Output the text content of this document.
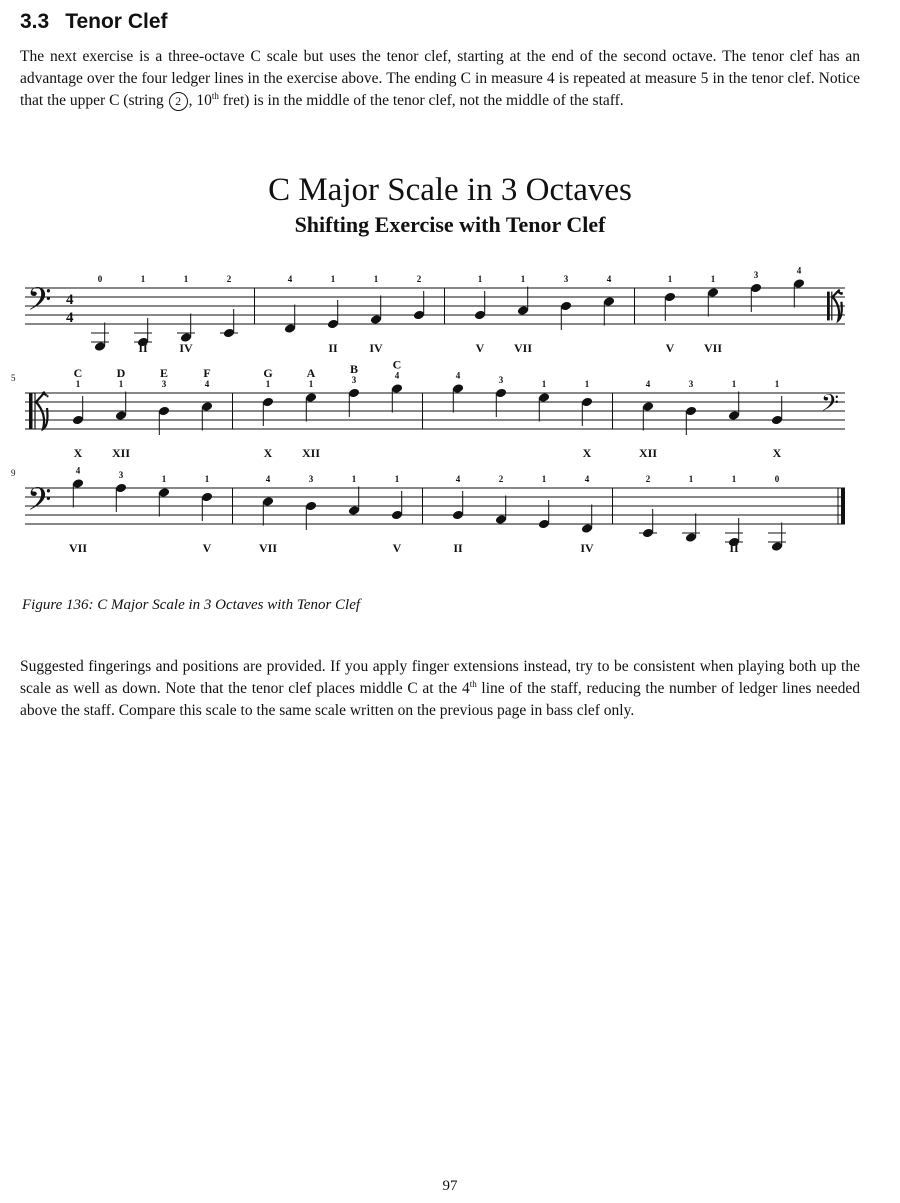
3.3 Tenor Clef
The next exercise is a three-octave C scale but uses the tenor clef, starting at the end of the second octave. The tenor clef has an advantage over the four ledger lines in the exercise above. The ending C in measure 4 is repeated at measure 5 in the tenor clef. Notice that the upper C (string 2 , 10th fret) is in the middle of the tenor clef, not the middle of the staff.
C Major Scale in 3 Octaves
Shifting Exercise with Tenor Clef
𝄢 4
4
0	1
II
1
IV
2	4	1
II
1
IV
2	1
V
1
VII
3	4	1
V
1
VII
3	4
5
1
C
X
1
D
XII
3
E
4
F
1
G
X
1
A
XII
3
B	4
C
4	3	1	1
X
4
XII
3	1	1
X
𝄢
𝄢
9	4
VII
3	1	1
V
4
VII
3	1	1
V
4
II
2	1	4
IV
2	1	1
II
0
Figure 136: C Major Scale in 3 Octaves with Tenor Clef
Suggested fingerings and positions are provided. If you apply finger extensions instead, try to be consistent when playing both up the scale as well as down. Note that the tenor clef places middle C at the 4th line of the staff, reducing the number of ledger lines needed above the staff. Compare this scale to the same scale written on the previous page in bass clef only.
97
